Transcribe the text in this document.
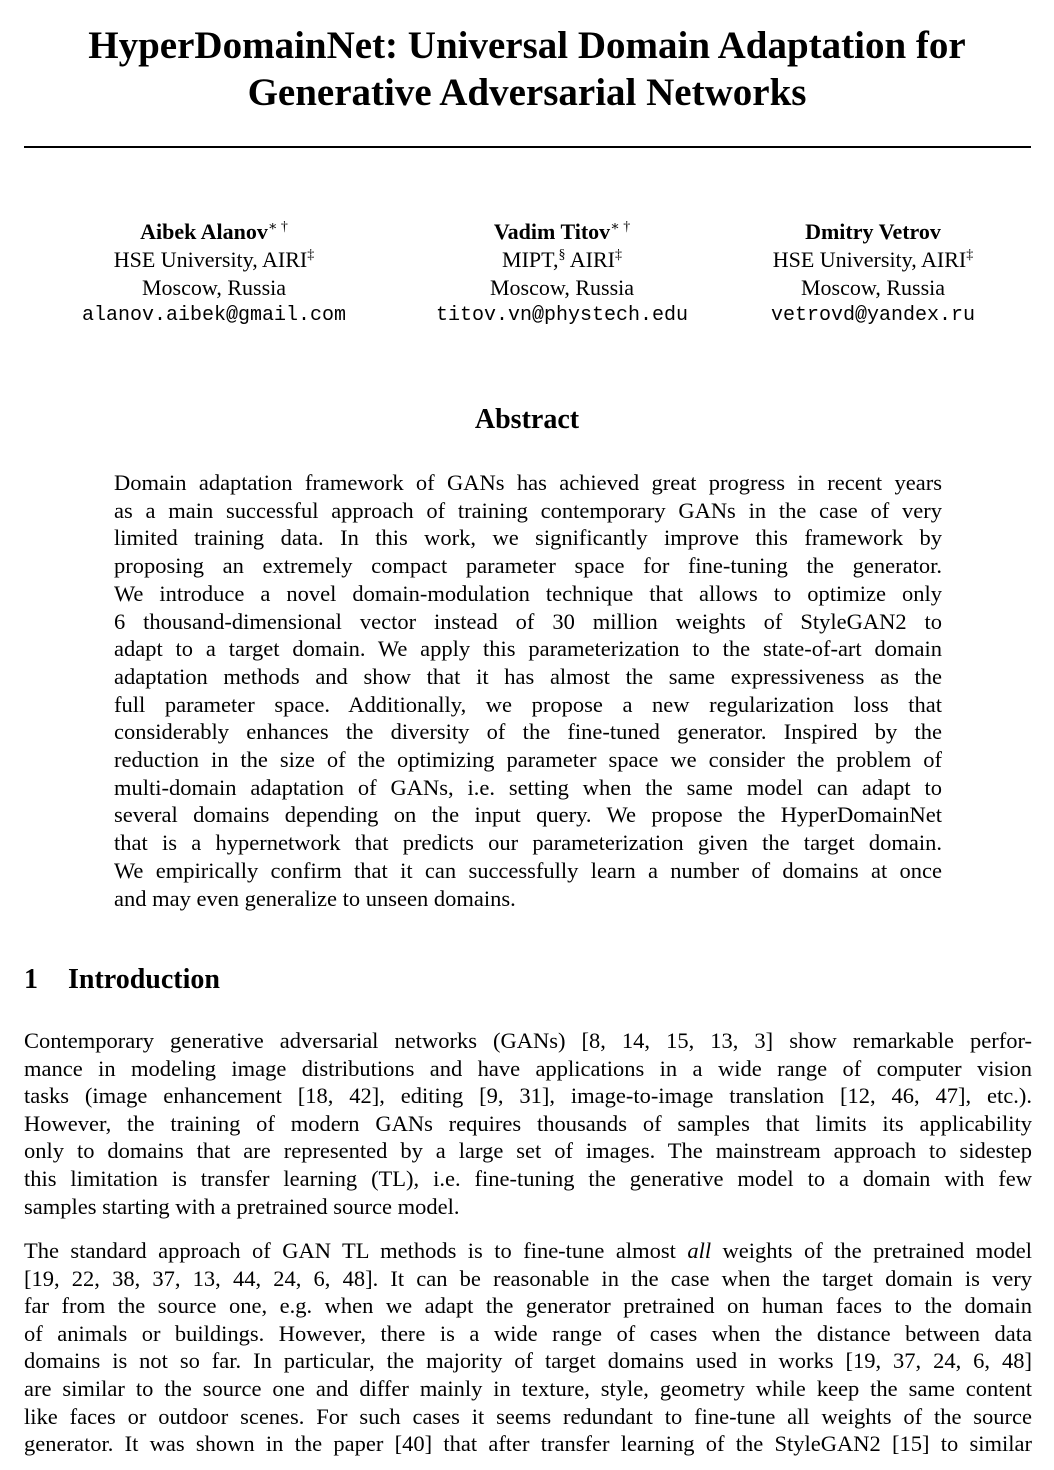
HyperDomainNet: Universal Domain Adaptation for
Generative Adversarial Networks
Aibek Alanov∗ †
HSE University, AIRI‡
Moscow, Russia
alanov.aibek@gmail.com
Vadim Titov∗ †
MIPT,§ AIRI‡
Moscow, Russia
titov.vn@phystech.edu
Dmitry Vetrov
HSE University, AIRI‡
Moscow, Russia
vetrovd@yandex.ru
Abstract
Domain adaptation framework of GANs has achieved great progress in recent years
as a main successful approach of training contemporary GANs in the case of very
limited training data. In this work, we significantly improve this framework by
proposing an extremely compact parameter space for fine-tuning the generator.
We introduce a novel domain-modulation technique that allows to optimize only
6 thousand-dimensional vector instead of 30 million weights of StyleGAN2 to
adapt to a target domain. We apply this parameterization to the state-of-art domain
adaptation methods and show that it has almost the same expressiveness as the
full parameter space. Additionally, we propose a new regularization loss that
considerably enhances the diversity of the fine-tuned generator. Inspired by the
reduction in the size of the optimizing parameter space we consider the problem of
multi-domain adaptation of GANs, i.e. setting when the same model can adapt to
several domains depending on the input query. We propose the HyperDomainNet
that is a hypernetwork that predicts our parameterization given the target domain.
We empirically confirm that it can successfully learn a number of domains at once
and may even generalize to unseen domains.
1 Introduction
Contemporary generative adversarial networks (GANs) [8, 14, 15, 13, 3] show remarkable perfor-
mance in modeling image distributions and have applications in a wide range of computer vision
tasks (image enhancement [18, 42], editing [9, 31], image-to-image translation [12, 46, 47], etc.).
However, the training of modern GANs requires thousands of samples that limits its applicability
only to domains that are represented by a large set of images. The mainstream approach to sidestep
this limitation is transfer learning (TL), i.e. fine-tuning the generative model to a domain with few
samples starting with a pretrained source model.
The standard approach of GAN TL methods is to fine-tune almost all weights of the pretrained model
[19, 22, 38, 37, 13, 44, 24, 6, 48]. It can be reasonable in the case when the target domain is very
far from the source one, e.g. when we adapt the generator pretrained on human faces to the domain
of animals or buildings. However, there is a wide range of cases when the distance between data
domains is not so far. In particular, the majority of target domains used in works [19, 37, 24, 6, 48]
are similar to the source one and differ mainly in texture, style, geometry while keep the same content
like faces or outdoor scenes. For such cases it seems redundant to fine-tune all weights of the source
generator. It was shown in the paper [40] that after transfer learning of the StyleGAN2 [15] to similar
